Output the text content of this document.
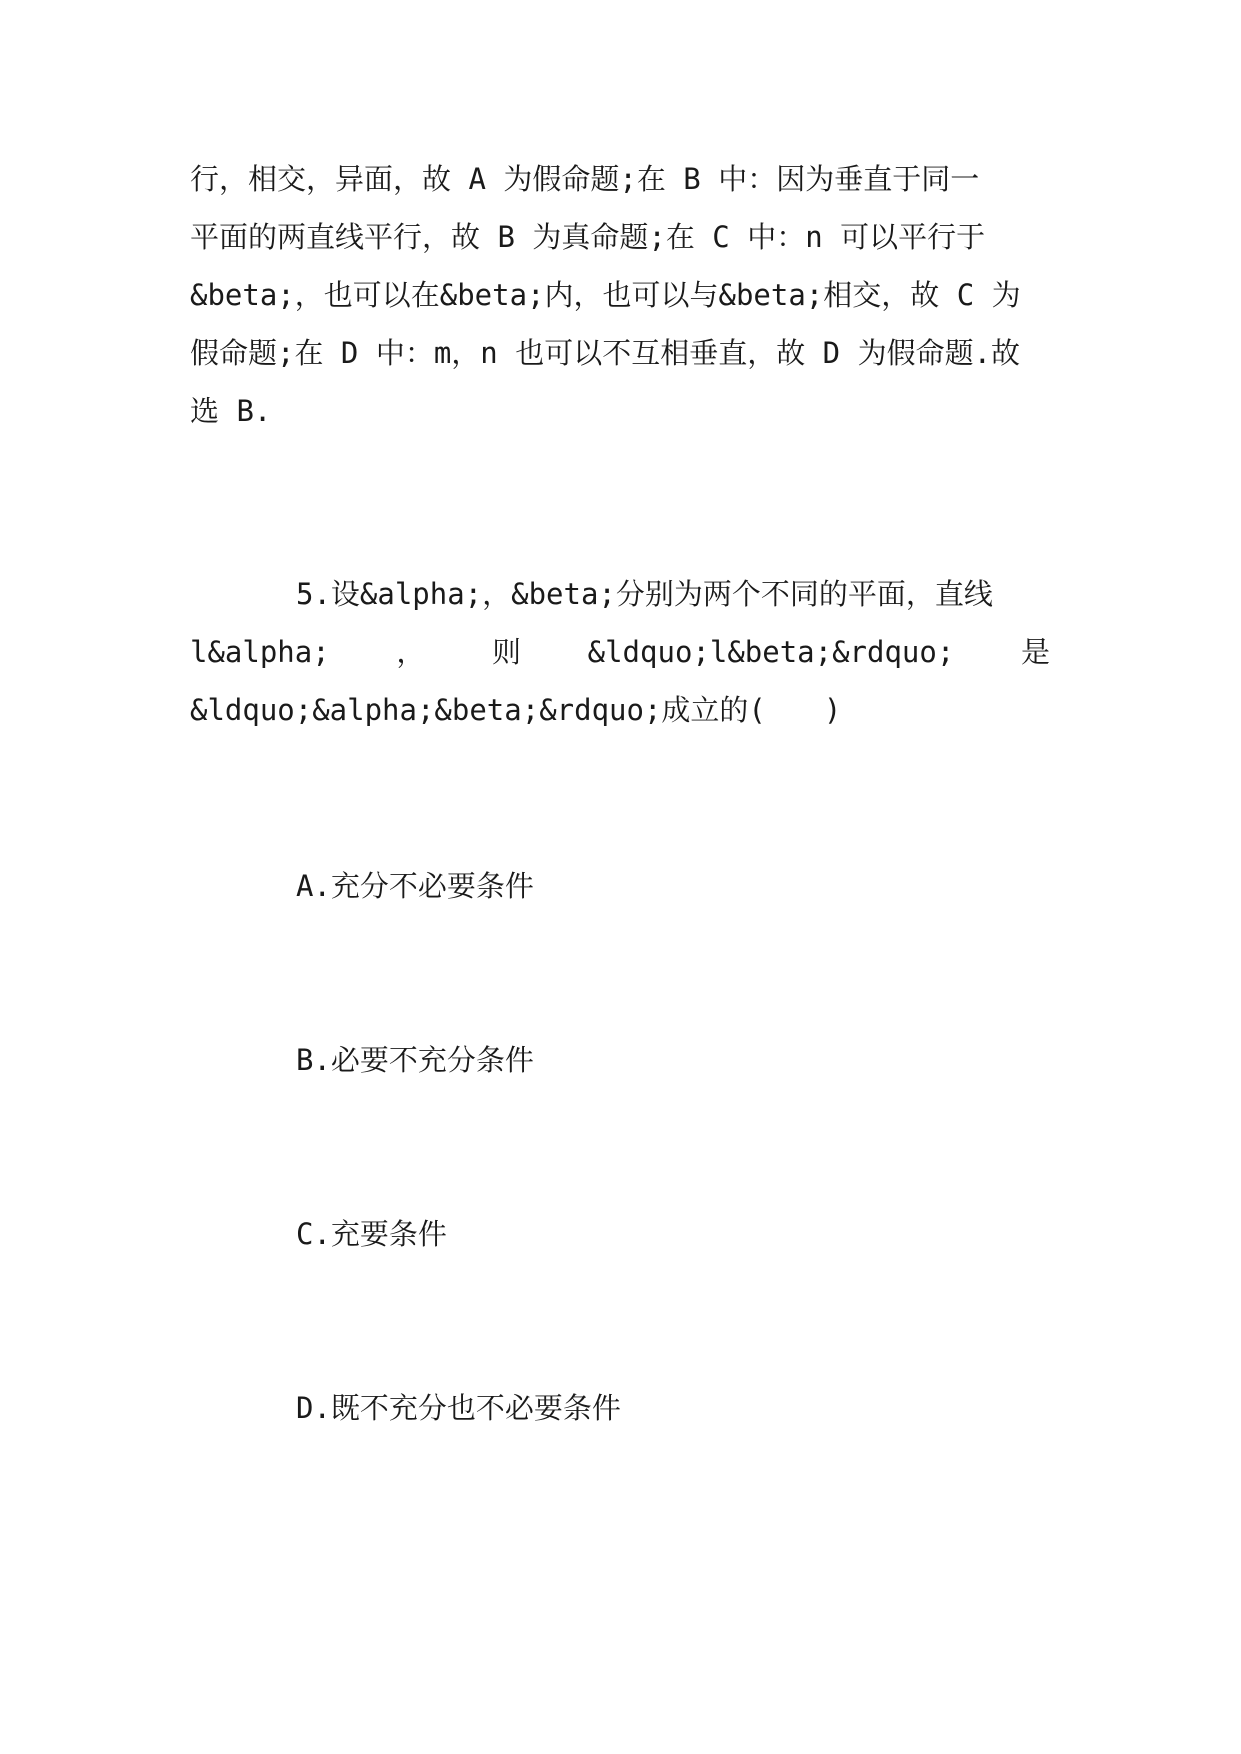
行，相交，异面，故 A 为假命题;在 B 中：因为垂直于同一
平面的两直线平行，故 B 为真命题;在 C 中：n 可以平行于
&beta;，也可以在&beta;内，也可以与&beta;相交，故 C 为
假命题;在 D 中：m，n 也可以不互相垂直，故 D 为假命题.故
选 B.
5.设&alpha;，&beta;分别为两个不同的平面，直线
l&alpha; ， 则 &ldquo;l&beta;&rdquo; 是
&ldquo;&alpha;&beta;&rdquo;成立的(　　)

A.充分不必要条件

B.必要不充分条件

C.充要条件

D.既不充分也不必要条件
